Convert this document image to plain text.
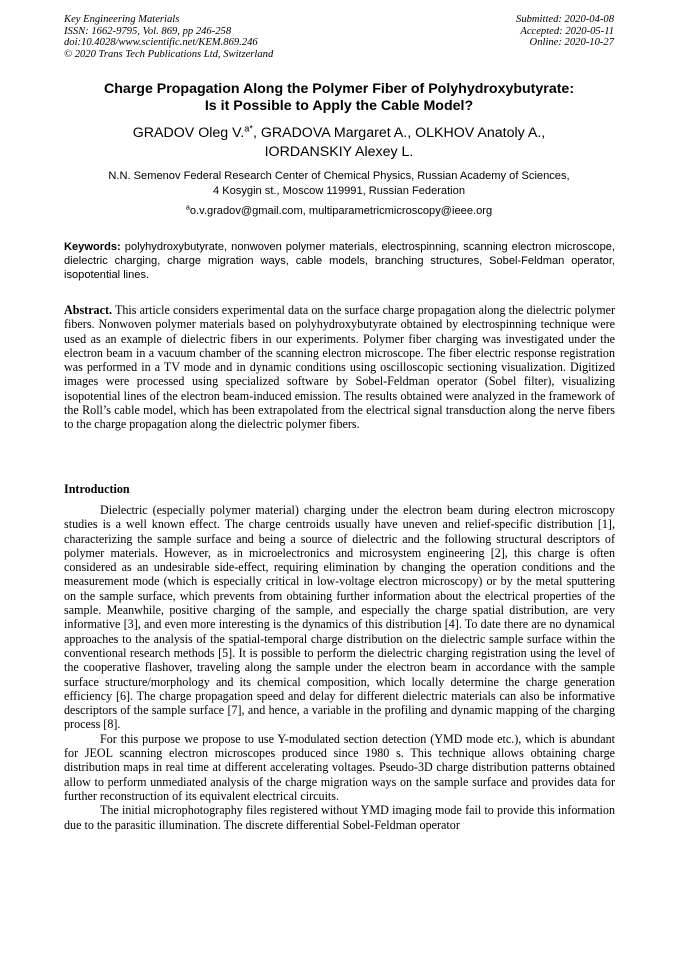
Key Engineering Materials
ISSN: 1662-9795, Vol. 869, pp 246-258
doi:10.4028/www.scientific.net/KEM.869.246
© 2020 Trans Tech Publications Ltd, Switzerland
Submitted: 2020-04-08
Accepted: 2020-05-11
Online: 2020-10-27
Charge Propagation Along the Polymer Fiber of Polyhydroxybutyrate:
Is it Possible to Apply the Cable Model?
GRADOV Oleg V.$^{a*}$, GRADOVA Margaret A., OLKHOV Anatoly A.,
IORDANSKIY Alexey L.
N.N. Semenov Federal Research Center of Chemical Physics, Russian Academy of Sciences,
4 Kosygin st., Moscow 119991, Russian Federation
$^a$o.v.gradov@gmail.com, multiparametricmicroscopy@ieee.org
Keywords: polyhydroxybutyrate, nonwoven polymer materials, electrospinning, scanning electron microscope, dielectric charging, charge migration ways, cable models, branching structures, Sobel-Feldman operator, isopotential lines.
Abstract. This article considers experimental data on the surface charge propagation along the dielectric polymer fibers. Nonwoven polymer materials based on polyhydroxybutyrate obtained by electrospinning technique were used as an example of dielectric fibers in our experiments. Polymer fiber charging was investigated under the electron beam in a vacuum chamber of the scanning electron microscope. The fiber electric response registration was performed in a TV mode and in dynamic conditions using oscilloscopic sectioning visualization. Digitized images were processed using specialized software by Sobel-Feldman operator (Sobel filter), visualizing isopotential lines of the electron beam-induced emission. The results obtained were analyzed in the framework of the Roll’s cable model, which has been extrapolated from the electrical signal transduction along the nerve fibers to the charge propagation along the dielectric polymer fibers.
Introduction

Dielectric (especially polymer material) charging under the electron beam during electron microscopy studies is a well known effect. The charge centroids usually have uneven and relief-specific distribution [1], characterizing the sample surface and being a source of dielectric and the following structural descriptors of polymer materials. However, as in microelectronics and microsystem engineering [2], this charge is often considered as an undesirable side-effect, requiring elimination by changing the operation conditions and the measurement mode (which is especially critical in low-voltage electron microscopy) or by the metal sputtering on the sample surface, which prevents from obtaining further information about the electrical properties of the sample. Meanwhile, positive charging of the sample, and especially the charge spatial distribution, are very informative [3], and even more interesting is the dynamics of this distribution [4]. To date there are no dynamical approaches to the analysis of the spatial-temporal charge distribution on the dielectric sample surface within the conventional research methods [5]. It is possible to perform the dielectric charging registration using the level of the cooperative flashover, traveling along the sample under the electron beam in accordance with the sample surface structure/morphology and its chemical composition, which locally determine the charge generation efficiency [6]. The charge propagation speed and delay for different dielectric materials can also be informative descriptors of the sample surface [7], and hence, a variable in the profiling and dynamic mapping of the charging process [8].

For this purpose we propose to use Y-modulated section detection (YMD mode etc.), which is abundant for JEOL scanning electron microscopes produced since 1980 s. This technique allows obtaining charge distribution maps in real time at different accelerating voltages. Pseudo-3D charge distribution patterns obtained allow to perform unmediated analysis of the charge migration ways on the sample surface and provides data for further reconstruction of its equivalent electrical circuits.

The initial microphotography files registered without YMD imaging mode fail to provide this information due to the parasitic illumination. The discrete differential Sobel-Feldman operator
